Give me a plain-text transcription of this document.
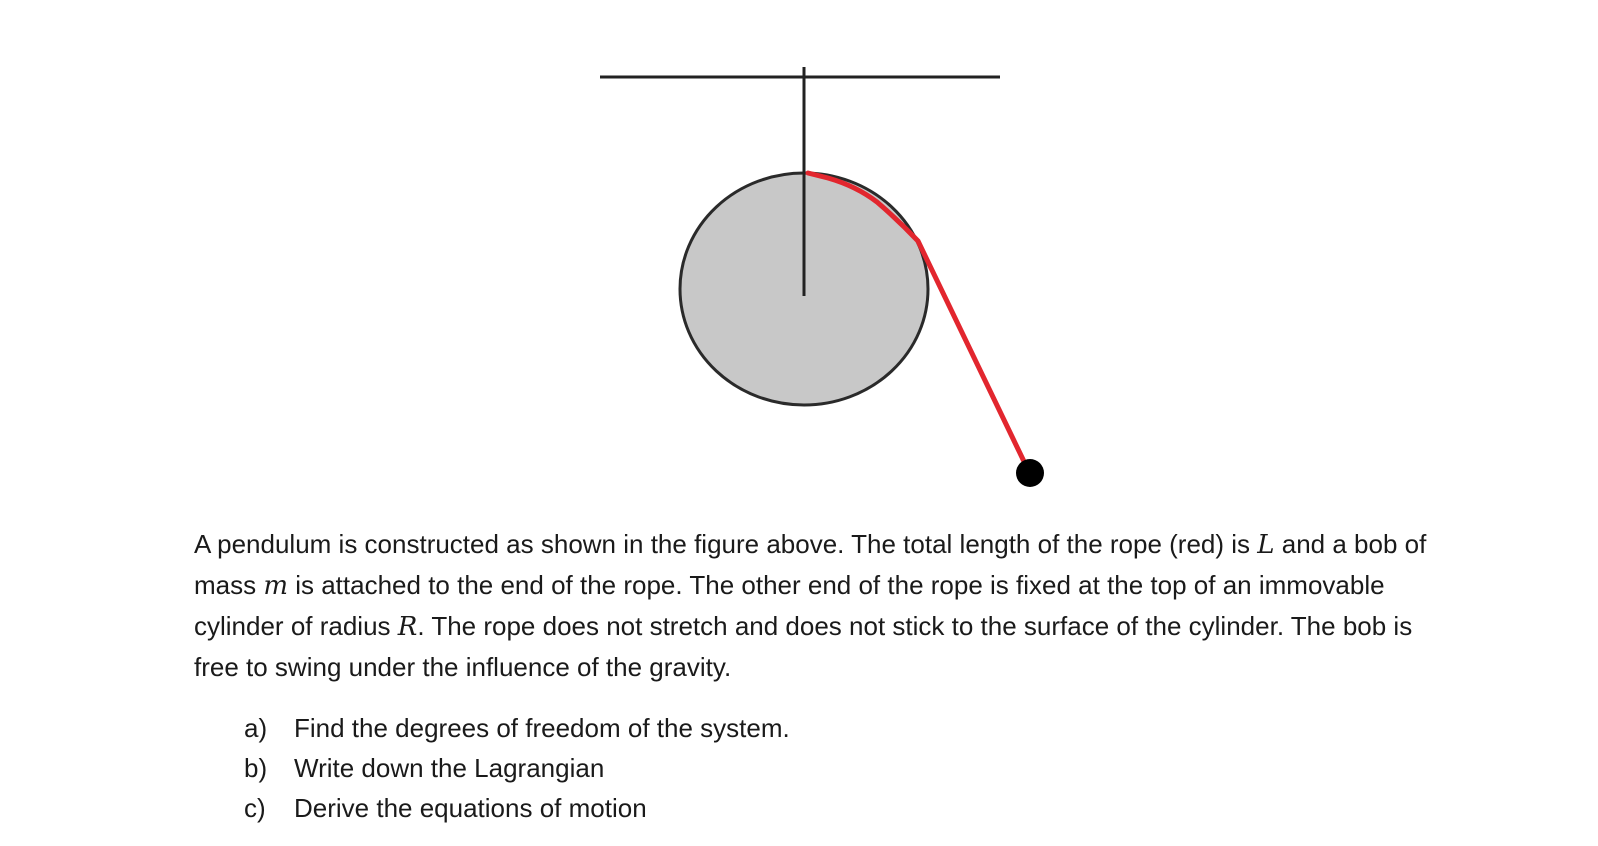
A pendulum is constructed as shown in the figure above. The total length of the rope (red) is L and a bob of mass m is attached to the end of the rope. The other end of the rope is fixed at the top of an immovable cylinder of radius R. The rope does not stretch and does not stick to the surface of the cylinder. The bob is free to swing under the influence of the gravity.

a)	Find the degrees of freedom of the system.
b)	Write down the Lagrangian
c)	Derive the equations of motion
